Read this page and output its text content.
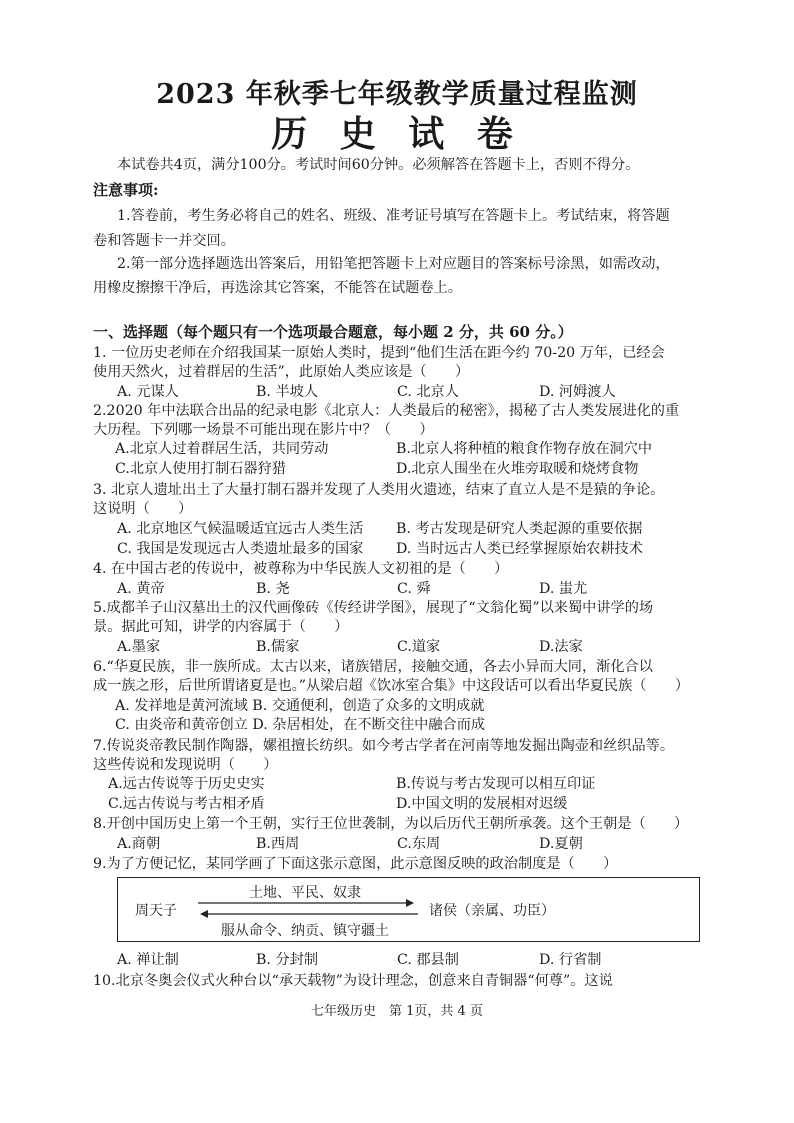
2023 年秋季七年级教学质量过程监测
历 史 试 卷
本试卷共4页，满分100分。考试时间60分钟。必须解答在答题卡上，否则不得分。
注意事项:
1.答卷前，考生务必将自己的姓名、班级、准考证号填写在答题卡上。考试结束，将答题
卷和答题卡一并交回。
2.第一部分选择题选出答案后，用铅笔把答题卡上对应题目的答案标号涂黑，如需改动，
用橡皮擦擦干净后，再选涂其它答案，不能答在试题卷上。
一、选择题（每个题只有一个选项最合题意，每小题 2 分，共 60 分。）
1. 一位历史老师在介绍我国某一原始人类时，提到“他们生活在距今约 70-20 万年，已经会
使用天然火，过着群居的生活”，此原始人类应该是（　　）
A. 元谋人	B. 半坡人	C. 北京人	D. 河姆渡人
2.2020 年中法联合出品的纪录电影《北京人：人类最后的秘密》，揭秘了古人类发展进化的重
大历程。下列哪一场景不可能出现在影片中？（　　）
A.北京人过着群居生活，共同劳动	B.北京人将种植的粮食作物存放在洞穴中
C.北京人使用打制石器狩猎	D.北京人围坐在火堆旁取暖和烧烤食物
3. 北京人遗址出土了大量打制石器并发现了人类用火遗迹，结束了直立人是不是猿的争论。
这说明（　　）
A. 北京地区气候温暖适宜远古人类生活 B. 考古发现是研究人类起源的重要依据
C. 我国是发现远古人类遗址最多的国家 D. 当时远古人类已经掌握原始农耕技术
4. 在中国古老的传说中，被尊称为中华民族人文初祖的是（　　）
A. 黄帝	B. 尧	C. 舜	D. 蚩尤
5.成都羊子山汉墓出土的汉代画像砖《传经讲学图》，展现了“文翁化蜀”以来蜀中讲学的场
景。据此可知，讲学的内容属于（　　）
A.墨家	B.儒家	C.道家	D.法家
6.“华夏民族，非一族所成。太古以来，诸族错居，接触交通，各去小异而大同，渐化合以
成一族之形，后世所谓诸夏是也。”从梁启超《饮冰室合集》中这段话可以看出华夏民族（　　）
A. 发祥地是黄河流域 B. 交通便利，创造了众多的文明成就
C. 由炎帝和黄帝创立 D. 杂居相处，在不断交往中融合而成
7.传说炎帝教民制作陶器，嫘祖擅长纺织。如今考古学者在河南等地发掘出陶壶和丝织品等。
这些传说和发现说明（　　）
A.远古传说等于历史史实	B.传说与考古发现可以相互印证
C.远古传说与考古相矛盾	D.中国文明的发展相对迟缓
8.开创中国历史上第一个王朝，实行王位世袭制，为以后历代王朝所承袭。这个王朝是（　　）
A.商朝	B.西周	C.东周	D.夏朝
9.为了方便记忆，某同学画了下面这张示意图，此示意图反映的政治制度是（　　）
周天子	诸侯（亲属、功臣）
土地、平民、奴隶
服从命令、纳贡、镇守疆土
A. 禅让制	B. 分封制	C. 郡县制	D. 行省制
10.北京冬奥会仪式火种台以“承天载物”为设计理念，创意来自青铜器“何尊”。这说
七年级历史　第 1页，共 4 页
